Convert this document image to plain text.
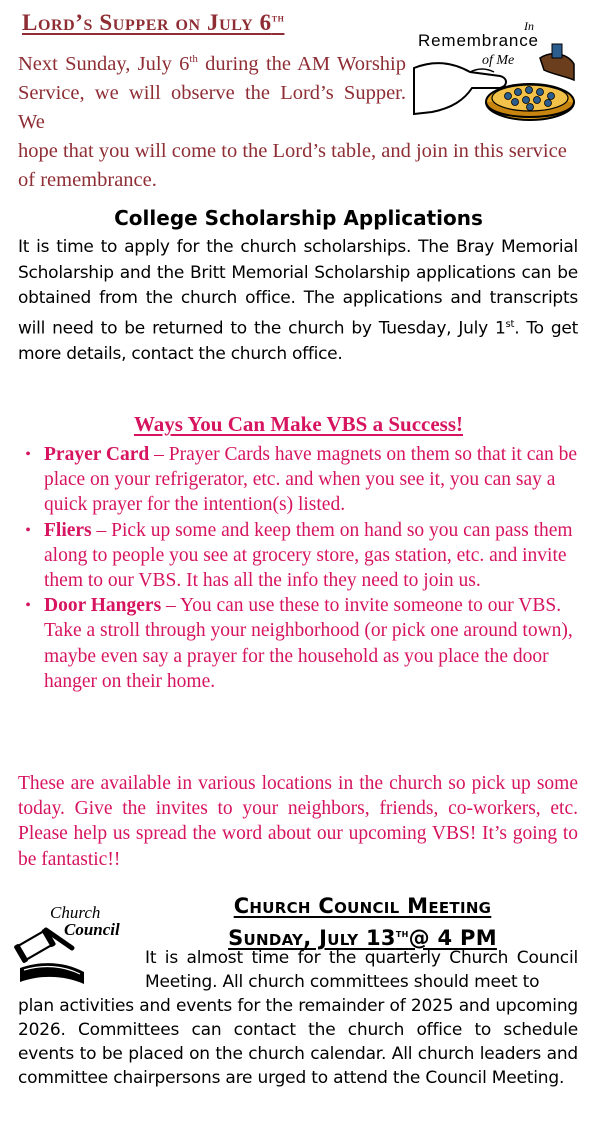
Lord’s Supper on July 6th
In
Remembrance
of Me
Next Sunday, July 6th during the AM Worship Service, we will observe the Lord’s Supper. We
hope that you will come to the Lord’s table, and join in this service of remembrance.
College Scholarship Applications
It is time to apply for the church scholarships. The Bray Memorial Scholarship and the Britt Memorial Scholarship applications can be obtained from the church office. The applications and transcripts will need to be returned to the church by Tuesday, July 1st. To get more details, contact the church office.
Ways You Can Make VBS a Success!
• Prayer Card – Prayer Cards have magnets on them so that it can be place on your refrigerator, etc. and when you see it, you can say a quick prayer for the intention(s) listed.
• Fliers – Pick up some and keep them on hand so you can pass them along to people you see at grocery store, gas station, etc. and invite them to our VBS. It has all the info they need to join us.
• Door Hangers – You can use these to invite someone to our VBS. Take a stroll through your neighborhood (or pick one around town), maybe even say a prayer for the household as you place the door hanger on their home.
These are available in various locations in the church so pick up some today. Give the invites to your neighbors, friends, co-workers, etc. Please help us spread the word about our upcoming VBS! It’s going to be fantastic!!
Church
Council
Church Council Meeting
Sunday, July 13th@ 4 PM
It is almost time for the quarterly Church Council Meeting. All church committees should meet to
plan activities and events for the remainder of 2025 and upcoming 2026. Committees can contact the church office to schedule events to be placed on the church calendar. All church leaders and committee chairpersons are urged to attend the Council Meeting.
